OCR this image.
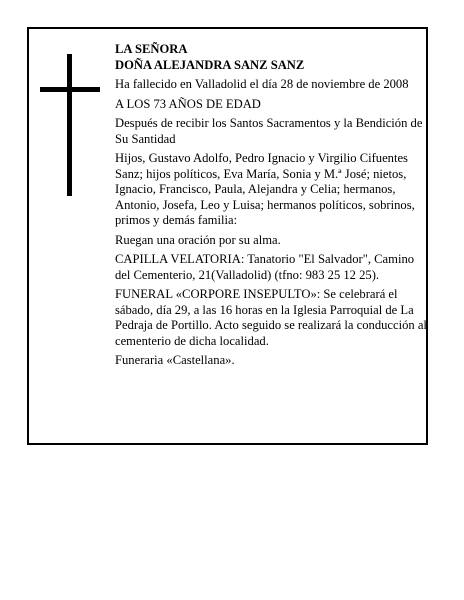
LA SEÑORA

DOÑA ALEJANDRA SANZ SANZ

Ha fallecido en Valladolid el día 28 de noviembre de 2008

A LOS 73 AÑOS DE EDAD

Después de recibir los Santos Sacramentos y la Bendición de Su Santidad

Hijos, Gustavo Adolfo, Pedro Ignacio y Virgilio Cifuentes Sanz; hijos políticos, Eva María, Sonia y M.ª José; nietos, Ignacio, Francisco, Paula, Alejandra y Celia; hermanos, Antonio, Josefa, Leo y Luisa; hermanos políticos, sobrinos, primos y demás familia:

Ruegan una oración por su alma.

CAPILLA VELATORIA: Tanatorio "El Salvador", Camino del Cementerio, 21(Valladolid) (tfno: 983 25 12 25).

FUNERAL «CORPORE INSEPULTO»: Se celebrará el sábado, día 29, a las 16 horas en la Iglesia Parroquial de La Pedraja de Portillo. Acto seguido se realizará la conducción al cementerio de dicha localidad.

Funeraria «Castellana».
